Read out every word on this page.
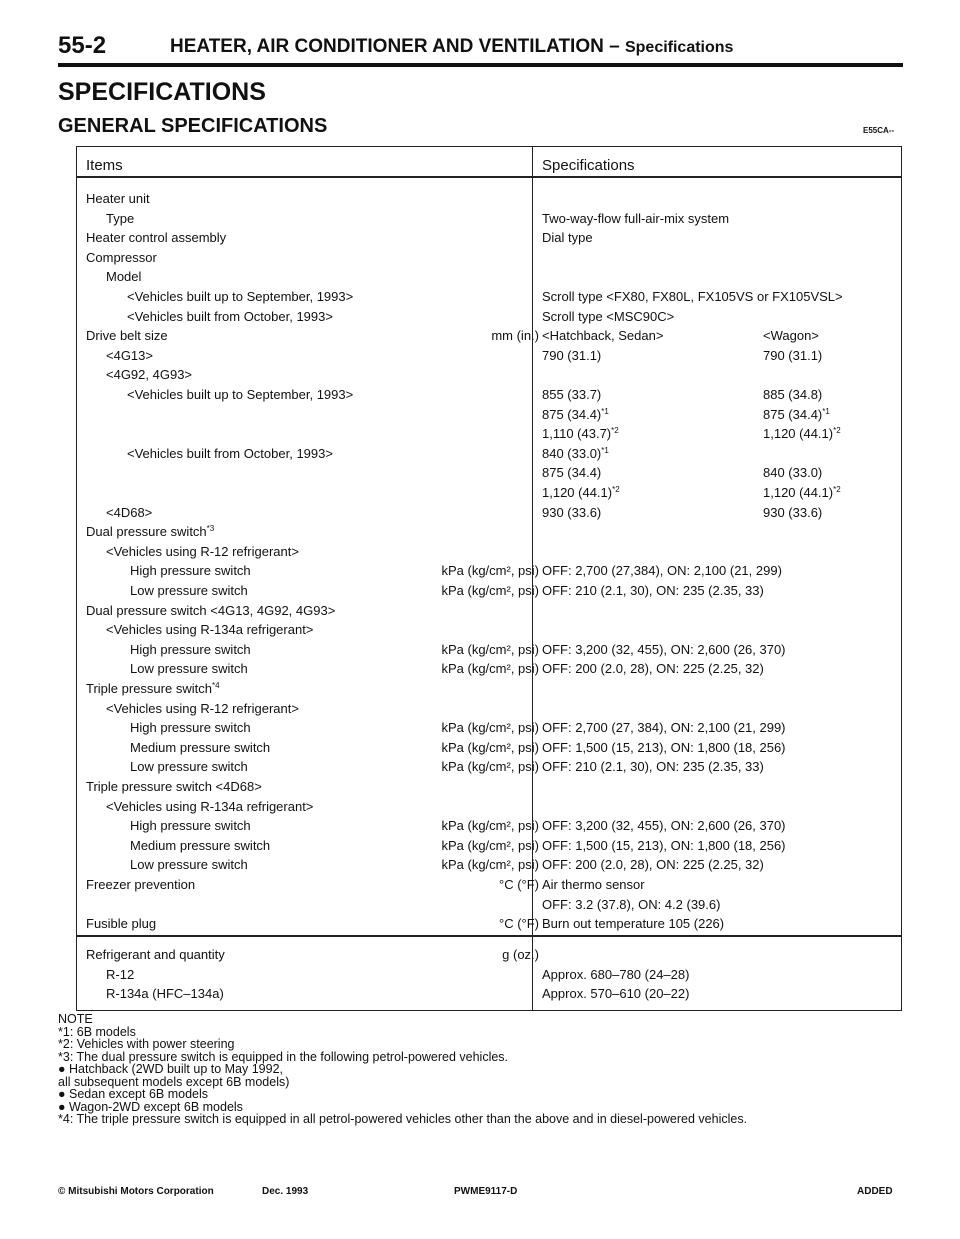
55-2	HEATER, AIR CONDITIONER AND VENTILATION – Specifications
SPECIFICATIONS
GENERAL SPECIFICATIONS	E55CA--
Items	Specifications
Heater unit
Type	Two-way-flow full-air-mix system
Heater control assembly	Dial type
Compressor
Model
<Vehicles built up to September, 1993>	Scroll type <FX80, FX80L, FX105VS or FX105VSL>
<Vehicles built from October, 1993>	Scroll type <MSC90C>
Drive belt size	mm (in.) <Hatchback, Sedan>	<Wagon>
<4G13>	790 (31.1)	790 (31.1)
<4G92, 4G93>
<Vehicles built up to September, 1993>	855 (33.7)	885 (34.8)
875 $(34.4)^{*1}$	875 $(34.4)^{*1}$
1,110 $(43.7)^{*2}$	1,120 $(44.1)^{*2}$
<Vehicles built from October, 1993>	840 $(33.0)^{*1}$
875 (34.4)	840 (33.0)
1,120 $(44.1)^{*2}$	1,120 $(44.1)^{*2}$
<4D68>	930 (33.6)	930 (33.6)
Dual pressure switch$^{*3}$
<Vehicles using R-12 refrigerant>
High pressure switch	kPa (kg/cm², psi) OFF: 2,700 (27,384), ON: 2,100 (21, 299)
Low pressure switch	kPa (kg/cm², psi) OFF: 210 (2.1, 30), ON: 235 (2.35, 33)
Dual pressure switch <4G13, 4G92, 4G93>
<Vehicles using R-134a refrigerant>
High pressure switch	kPa (kg/cm², psi) OFF: 3,200 (32, 455), ON: 2,600 (26, 370)
Low pressure switch	kPa (kg/cm², psi) OFF: 200 (2.0, 28), ON: 225 (2.25, 32)
Triple pressure switch$^{*4}$
<Vehicles using R-12 refrigerant>
High pressure switch	kPa (kg/cm², psi) OFF: 2,700 (27, 384), ON: 2,100 (21, 299)
Medium pressure switch	kPa (kg/cm², psi) OFF: 1,500 (15, 213), ON: 1,800 (18, 256)
Low pressure switch	kPa (kg/cm², psi) OFF: 210 (2.1, 30), ON: 235 (2.35, 33)
Triple pressure switch <4D68>
<Vehicles using R-134a refrigerant>
High pressure switch	kPa (kg/cm², psi) OFF: 3,200 (32, 455), ON: 2,600 (26, 370)
Medium pressure switch	kPa (kg/cm², psi) OFF: 1,500 (15, 213), ON: 1,800 (18, 256)
Low pressure switch	kPa (kg/cm², psi) OFF: 200 (2.0, 28), ON: 225 (2.25, 32)
Freezer prevention	°C (°F) Air thermo sensor
OFF: 3.2 (37.8), ON: 4.2 (39.6)
Fusible plug	°C (°F) Burn out temperature 105 (226)
Refrigerant and quantity	g (oz.)
R-12	Approx. 680–780 (24–28)
R-134a (HFC–134a)	Approx. 570–610 (20–22)
NOTE
*1: 6B models
*2: Vehicles with power steering
*3: The dual pressure switch is equipped in the following petrol-powered vehicles.
● Hatchback (2WD built up to May 1992,
all subsequent models except 6B models)
● Sedan except 6B models
● Wagon-2WD except 6B models
*4: The triple pressure switch is equipped in all petrol-powered vehicles other than the above and in diesel-powered vehicles.
© Mitsubishi Motors Corporation	Dec. 1993	PWME9117-D	ADDED
